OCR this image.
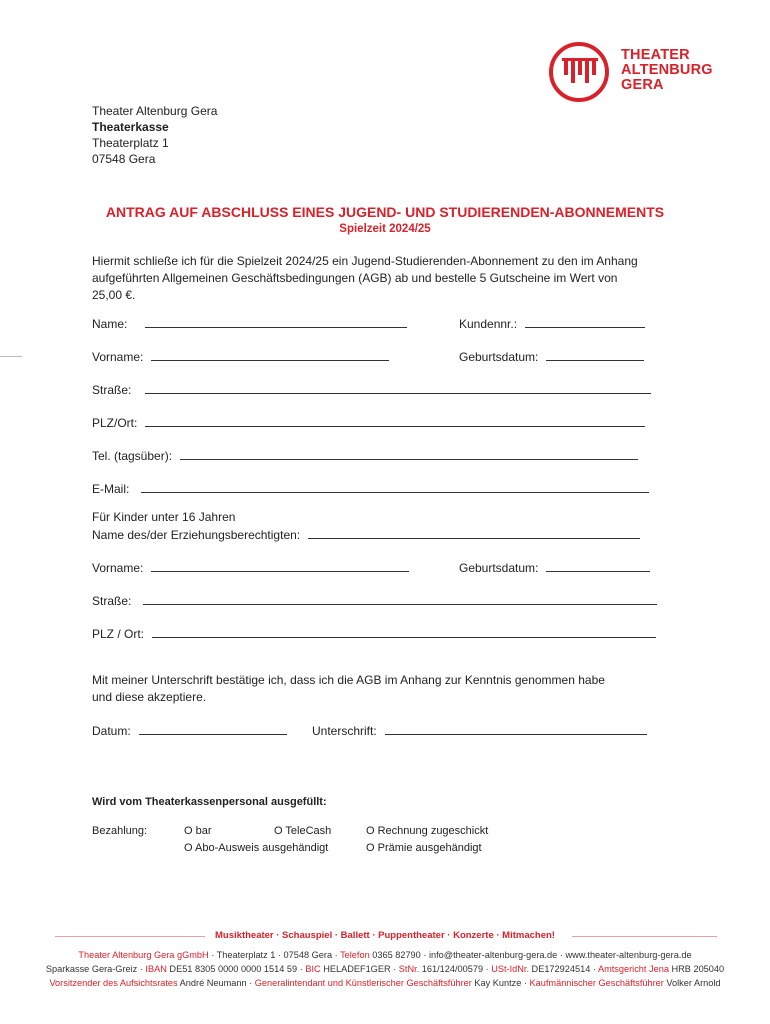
THEATER
ALTENBURG
GERA
Theater Altenburg Gera
Theaterkasse
Theaterplatz 1
07548 Gera
ANTRAG AUF ABSCHLUSS EINES JUGEND- UND STUDIERENDEN-ABONNEMENTS
Spielzeit 2024/25
Hiermit schließe ich für die Spielzeit 2024/25 ein Jugend-Studierenden-Abonnement zu den im Anhang
aufgeführten Allgemeinen Geschäftsbedingungen (AGB) ab und bestelle 5 Gutscheine im Wert von
25,00 €.
Name:	Kundennr.:
Vorname:	Geburtsdatum:
Straße:
PLZ/Ort:
Tel. (tagsüber):
E-Mail:
Für Kinder unter 16 Jahren
Name des/der Erziehungsberechtigten:
Vorname:	Geburtsdatum:
Straße:
PLZ / Ort:
Mit meiner Unterschrift bestätige ich, dass ich die AGB im Anhang zur Kenntnis genommen habe
und diese akzeptiere.
Datum:	Unterschrift:
Wird vom Theaterkassenpersonal ausgefüllt:
Bezahlung:	O bar	O TeleCash	O Rechnung zugeschickt
O Abo-Ausweis ausgehändigt	O Prämie ausgehändigt
Musiktheater · Schauspiel · Ballett · Puppentheater · Konzerte · Mitmachen!
Theater Altenburg Gera gGmbH · Theaterplatz 1 · 07548 Gera · Telefon 0365 82790 · info@theater-altenburg-gera.de · www.theater-altenburg-gera.de
Sparkasse Gera-Greiz · IBAN DE51 8305 0000 0000 1514 59 · BIC HELADEF1GER · StNr. 161/124/00579 · USt-IdNr. DE172924514 · Amtsgericht Jena HRB 205040
Vorsitzender des Aufsichtsrates André Neumann · Generalintendant und Künstlerischer Geschäftsführer Kay Kuntze · Kaufmännischer Geschäftsführer Volker Arnold
